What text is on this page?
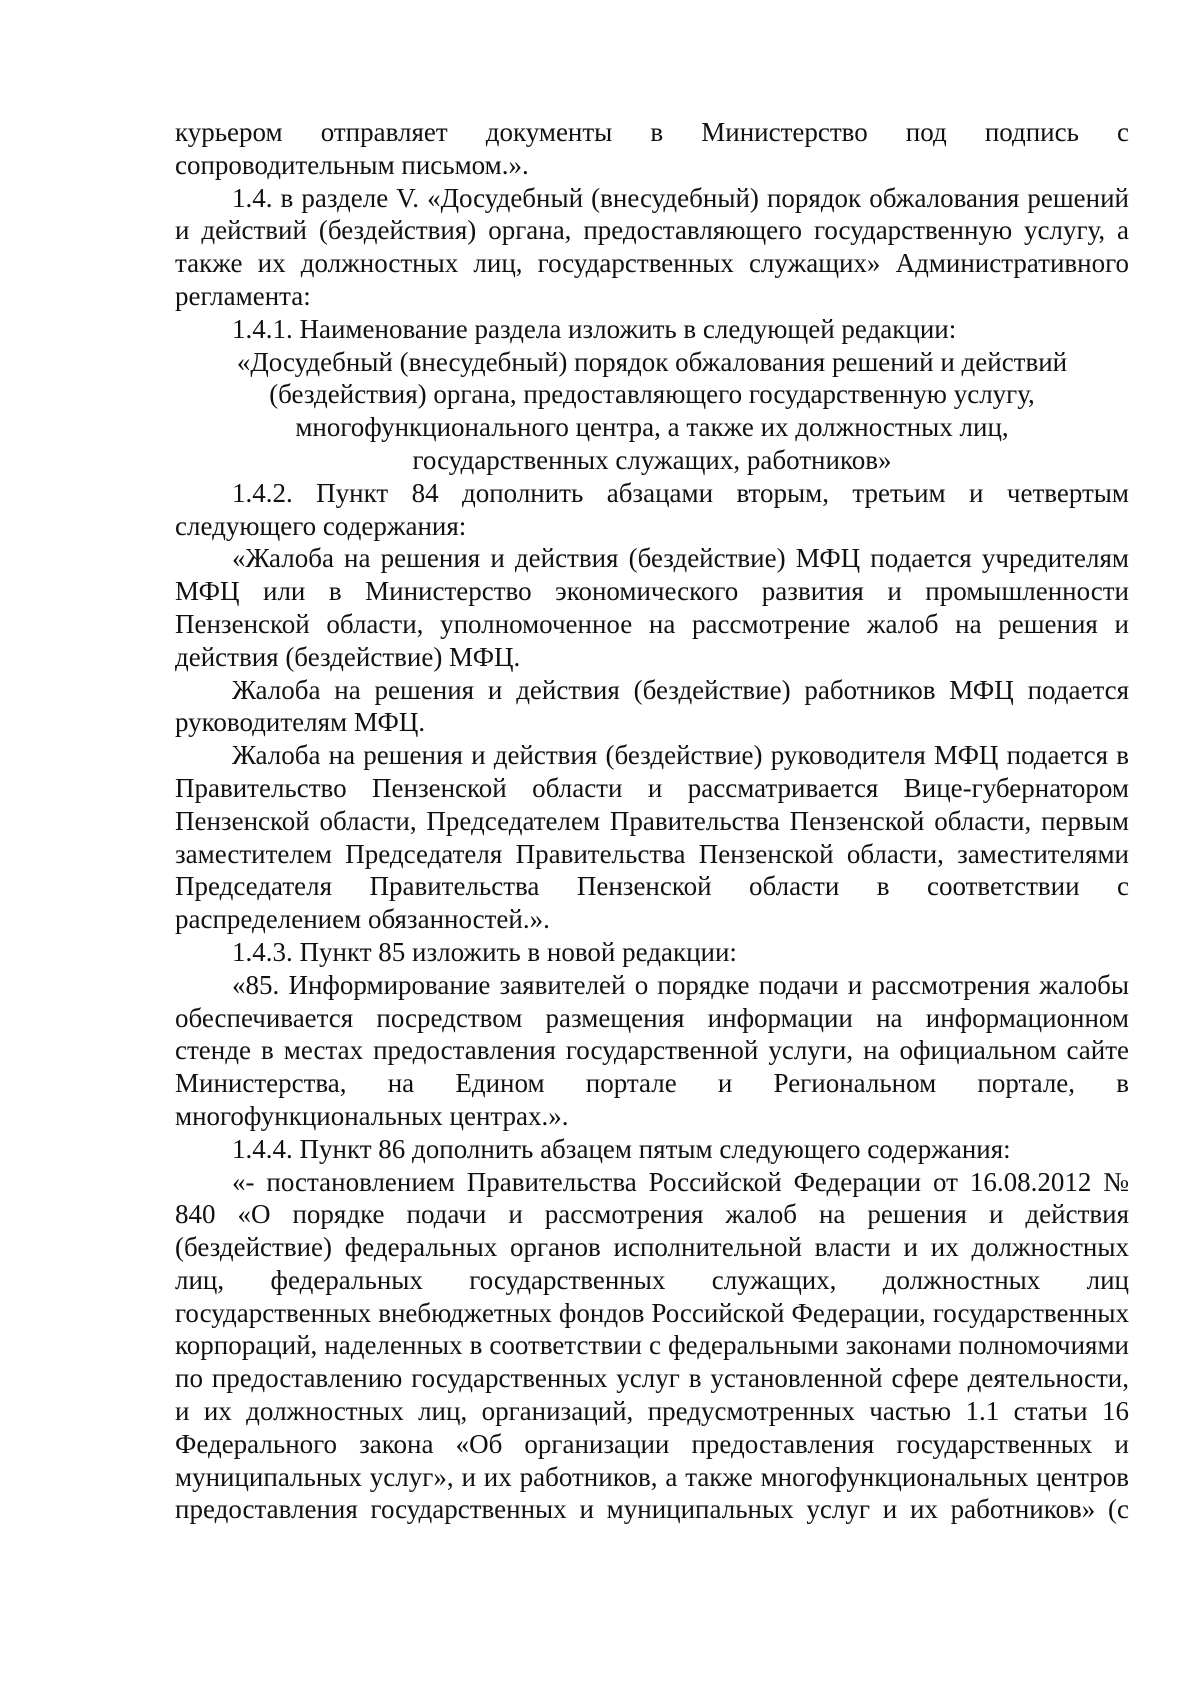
курьером отправляет документы в Министерство под подпись с сопроводительным письмом.».

1.4. в разделе V. «Досудебный (внесудебный) порядок обжалования решений и действий (бездействия) органа, предоставляющего государственную услугу, а также их должностных лиц, государственных служащих» Административного регламента:

1.4.1. Наименование раздела изложить в следующей редакции:

«Досудебный (внесудебный) порядок обжалования решений и действий
(бездействия) органа, предоставляющего государственную услугу,
многофункционального центра, а также их должностных лиц,
государственных служащих, работников»

1.4.2. Пункт 84 дополнить абзацами вторым, третьим и четвертым следующего содержания:

«Жалоба на решения и действия (бездействие) МФЦ подается учредителям МФЦ или в Министерство экономического развития и промышленности Пензенской области, уполномоченное на рассмотрение жалоб на решения и действия (бездействие) МФЦ.

Жалоба на решения и действия (бездействие) работников МФЦ подается руководителям МФЦ.

Жалоба на решения и действия (бездействие) руководителя МФЦ подается в Правительство Пензенской области и рассматривается Вице-губернатором Пензенской области, Председателем Правительства Пензенской области, первым заместителем Председателя Правительства Пензенской области, заместителями Председателя Правительства Пензенской области в соответствии с распределением обязанностей.».

1.4.3. Пункт 85 изложить в новой редакции:

«85. Информирование заявителей о порядке подачи и рассмотрения жалобы обеспечивается посредством размещения информации на информационном стенде в местах предоставления государственной услуги, на официальном сайте Министерства, на Едином портале и Региональном портале, в многофункциональных центрах.».

1.4.4. Пункт 86 дополнить абзацем пятым следующего содержания:

«- постановлением Правительства Российской Федерации от 16.08.2012 № 840 «О порядке подачи и рассмотрения жалоб на решения и действия (бездействие) федеральных органов исполнительной власти и их должностных лиц, федеральных государственных служащих, должностных лиц государственных внебюджетных фондов Российской Федерации, государственных корпораций, наделенных в соответствии с федеральными законами полномочиями по предоставлению государственных услуг в установленной сфере деятельности, и их должностных лиц, организаций, предусмотренных частью 1.1 статьи 16 Федерального закона «Об организации предоставления государственных и муниципальных услуг», и их работников, а также многофункциональных центров предоставления государственных и муниципальных услуг и их работников» (с
